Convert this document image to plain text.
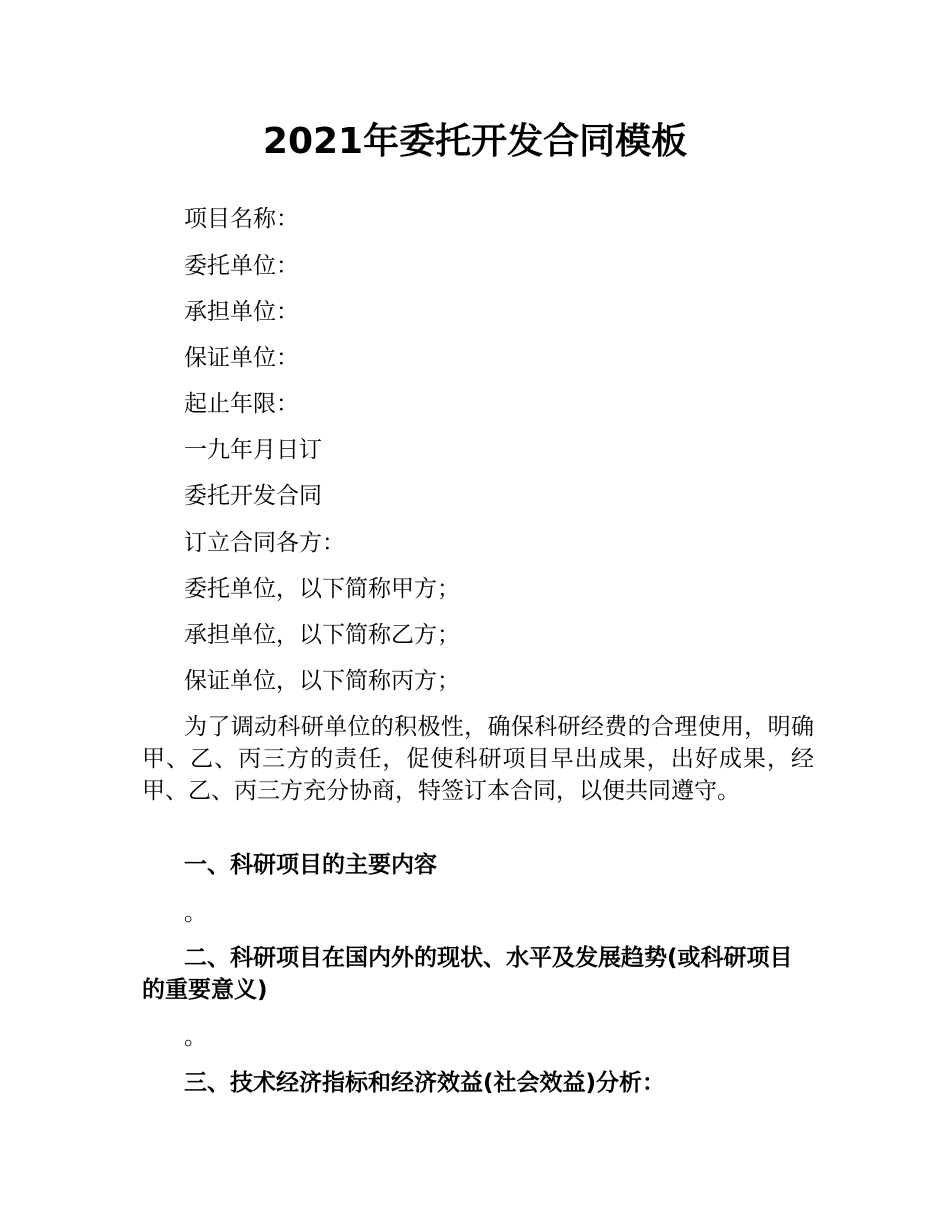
2021年委托开发合同模板
项目名称：
委托单位：
承担单位：
保证单位：
起止年限：
一九年月日订
委托开发合同
订立合同各方：
委托单位，以下简称甲方；
承担单位，以下简称乙方；
保证单位，以下简称丙方；
为了调动科研单位的积极性，确保科研经费的合理使用，明确甲、乙、丙三方的责任，促使科研项目早出成果，出好成果，经甲、乙、丙三方充分协商，特签订本合同，以便共同遵守。
一、科研项目的主要内容
。
二、科研项目在国内外的现状、水平及发展趋势(或科研项目的重要意义)
。
三、技术经济指标和经济效益(社会效益)分析：
